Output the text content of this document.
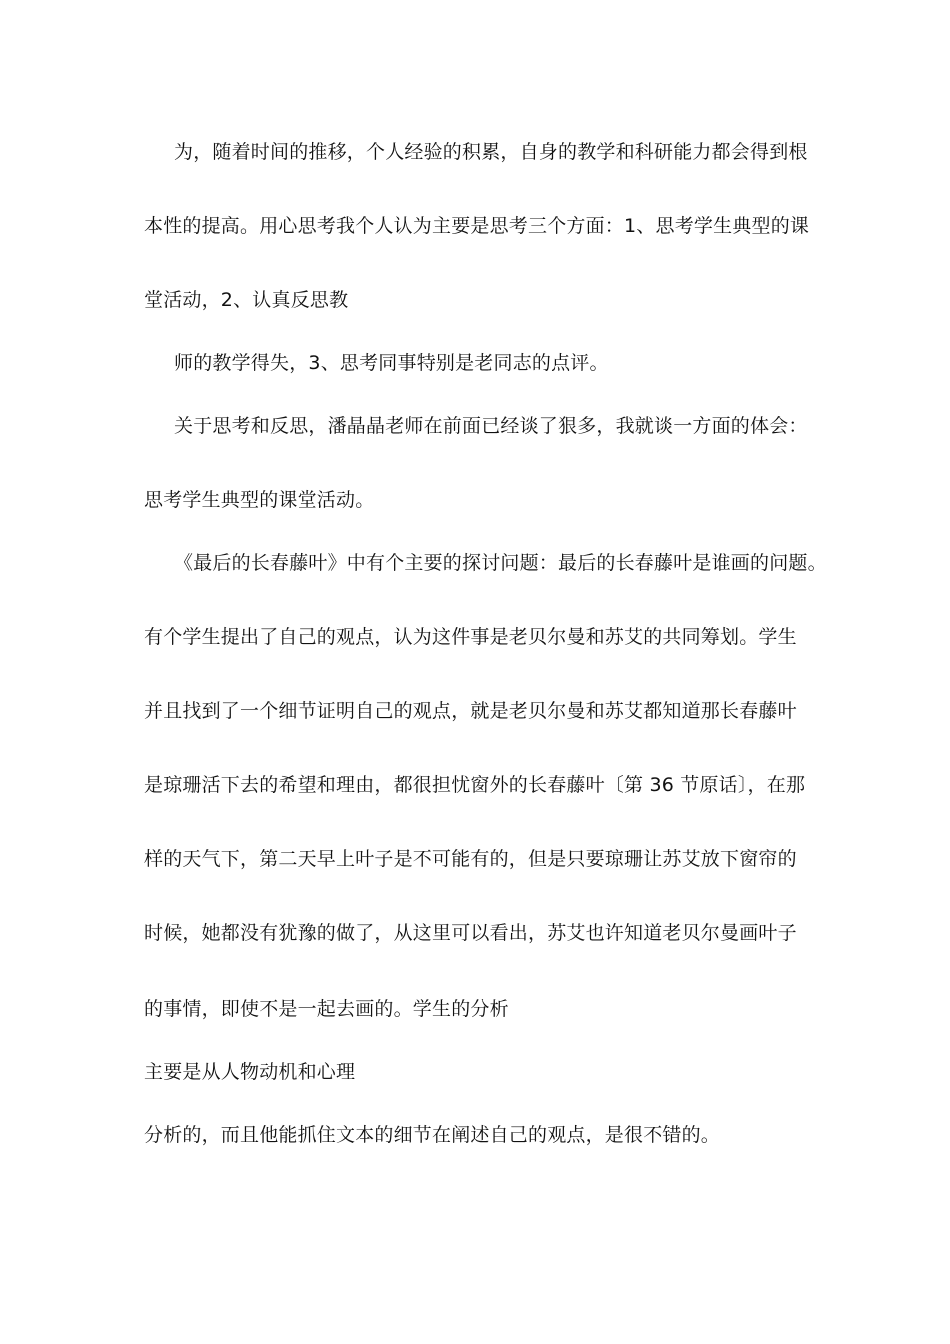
为，随着时间的推移，个人经验的积累，自身的教学和科研能力都会得到根
本性的提高。用心思考我个人认为主要是思考三个方面：1、思考学生典型的课
堂活动，2、认真反思教
师的教学得失，3、思考同事特别是老同志的点评。
关于思考和反思，潘晶晶老师在前面已经谈了狠多，我就谈一方面的体会：
思考学生典型的课堂活动。
《最后的长春藤叶》中有个主要的探讨问题：最后的长春藤叶是谁画的问题。
有个学生提出了自己的观点，认为这件事是老贝尔曼和苏艾的共同筹划。学生
并且找到了一个细节证明自己的观点，就是老贝尔曼和苏艾都知道那长春藤叶
是琼珊活下去的希望和理由，都很担忧窗外的长春藤叶〔第 36 节原话〕，在那
样的天气下，第二天早上叶子是不可能有的，但是只要琼珊让苏艾放下窗帘的
时候，她都没有犹豫的做了，从这里可以看出，苏艾也许知道老贝尔曼画叶子
的事情，即使不是一起去画的。学生的分析
主要是从人物动机和心理
分析的，而且他能抓住文本的细节在阐述自己的观点，是很不错的。
